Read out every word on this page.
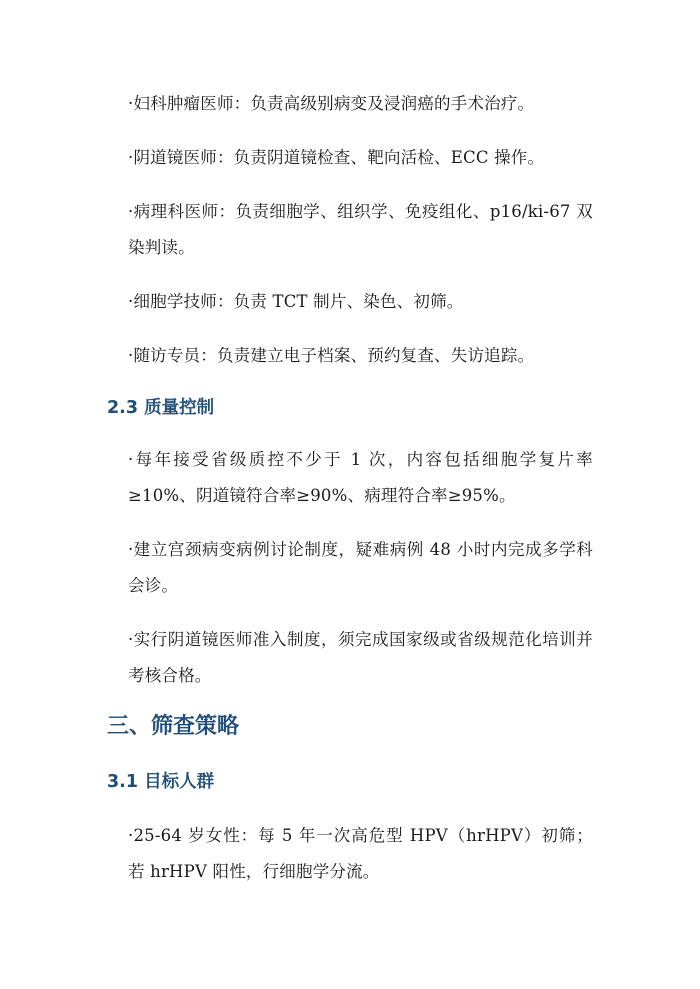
·妇科肿瘤医师：负责高级别病变及浸润癌的手术治疗。

·阴道镜医师：负责阴道镜检查、靶向活检、ECC 操作。

·病理科医师：负责细胞学、组织学、免疫组化、p16/ki-67 双染判读。

·细胞学技师：负责 TCT 制片、染色、初筛。

·随访专员：负责建立电子档案、预约复查、失访追踪。

2.3 质量控制

·每年接受省级质控不少于 1 次，内容包括细胞学复片率≥10%、阴道镜符合率≥90%、病理符合率≥95%。

·建立宫颈病变病例讨论制度，疑难病例 48 小时内完成多学科会诊。

·实行阴道镜医师准入制度，须完成国家级或省级规范化培训并考核合格。

三、筛查策略
3.1 目标人群

·25-64 岁女性：每 5 年一次高危型 HPV（hrHPV）初筛；若 hrHPV 阳性，行细胞学分流。
